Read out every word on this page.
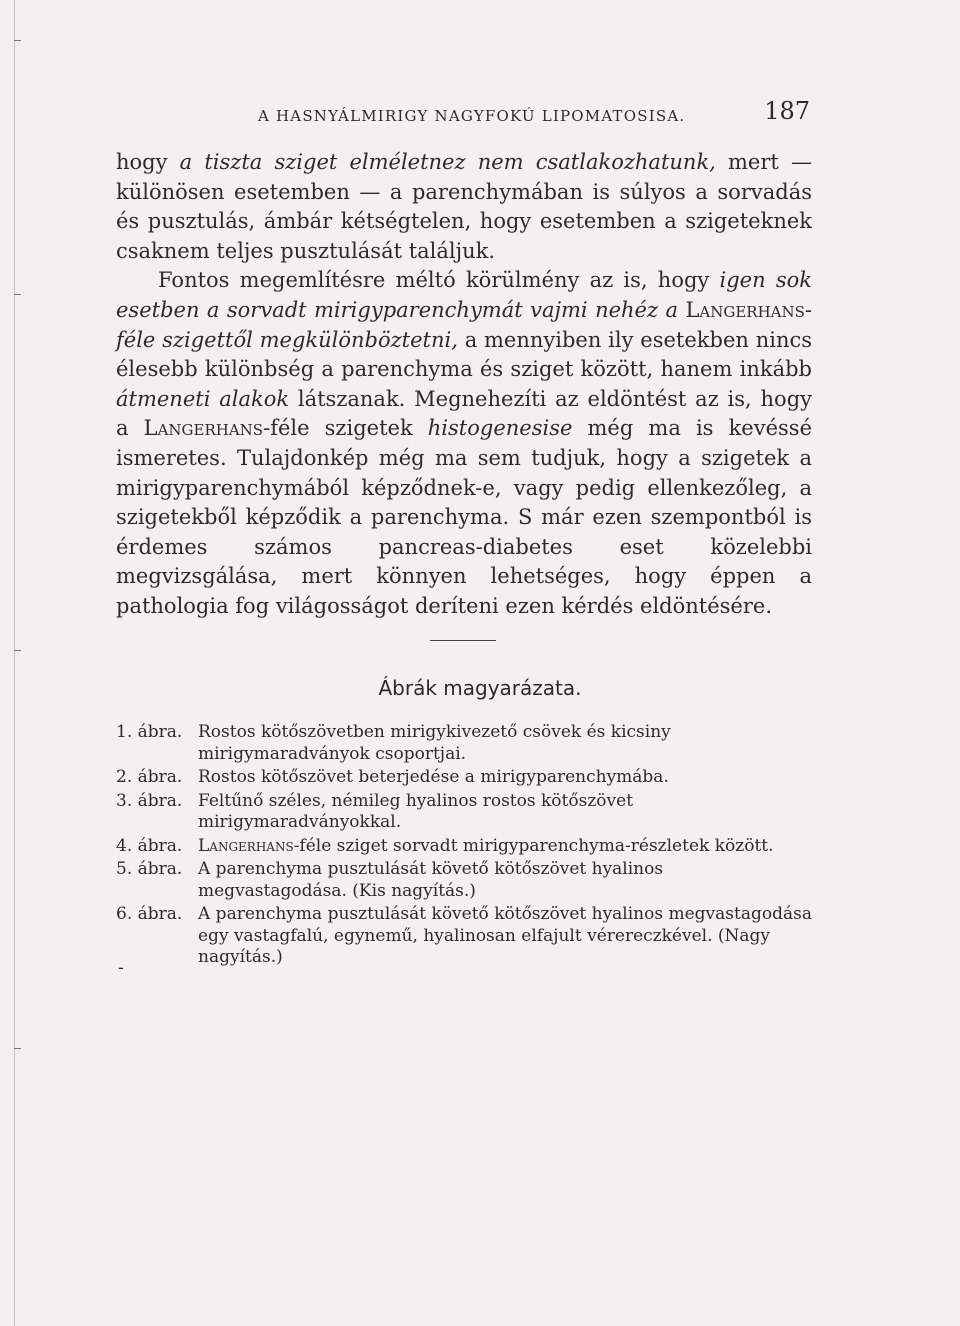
A HASNYÁLMIRIGY NAGYFOKÚ LIPOMATOSISA.	187

hogy a tiszta sziget elméletnez nem csatlakozhatunk, mert — különösen esetemben — a parenchymában is súlyos a sorvadás és pusztulás, ámbár kétségtelen, hogy esetemben a szigeteknek csaknem teljes pusztulását találjuk.

Fontos megemlítésre méltó körülmény az is, hogy igen sok esetben a sorvadt mirigyparenchymát vajmi nehéz a Langerhans-féle szigettől megkülönböztetni, a mennyiben ily esetekben nincs élesebb különbség a parenchyma és sziget között, hanem inkább átmeneti alakok látszanak. Megnehezíti az eldöntést az is, hogy a Langerhans-féle szigetek histogenesise még ma is kevéssé ismeretes. Tulajdonkép még ma sem tudjuk, hogy a szigetek a mirigyparenchymából képződnek-e, vagy pedig ellenkezőleg, a szigetekből képződik a parenchyma. S már ezen szempontból is érdemes számos pancreas-diabetes eset közelebbi megvizsgálása, mert könnyen lehetséges, hogy éppen a pathologia fog világosságot deríteni ezen kérdés eldöntésére.

Ábrák magyarázata.
1. ábra. Rostos kötőszövetben mirigykivezető csövek és kicsiny mirigymaradványok csoportjai.
2. ábra. Rostos kötőszövet beterjedése a mirigyparenchymába.
3. ábra. Feltűnő széles, némileg hyalinos rostos kötőszövet mirigymaradványokkal.
4. ábra. Langerhans-féle sziget sorvadt mirigyparenchyma-részletek között.
5. ábra. A parenchyma pusztulását követő kötőszövet hyalinos megvastagodása. (Kis nagyítás.)
6. ábra. A parenchyma pusztulását követő kötőszövet hyalinos megvastagodása egy vastagfalú, egynemű, hyalinosan elfajult vérereczkével. (Nagy nagyítás.)
-
